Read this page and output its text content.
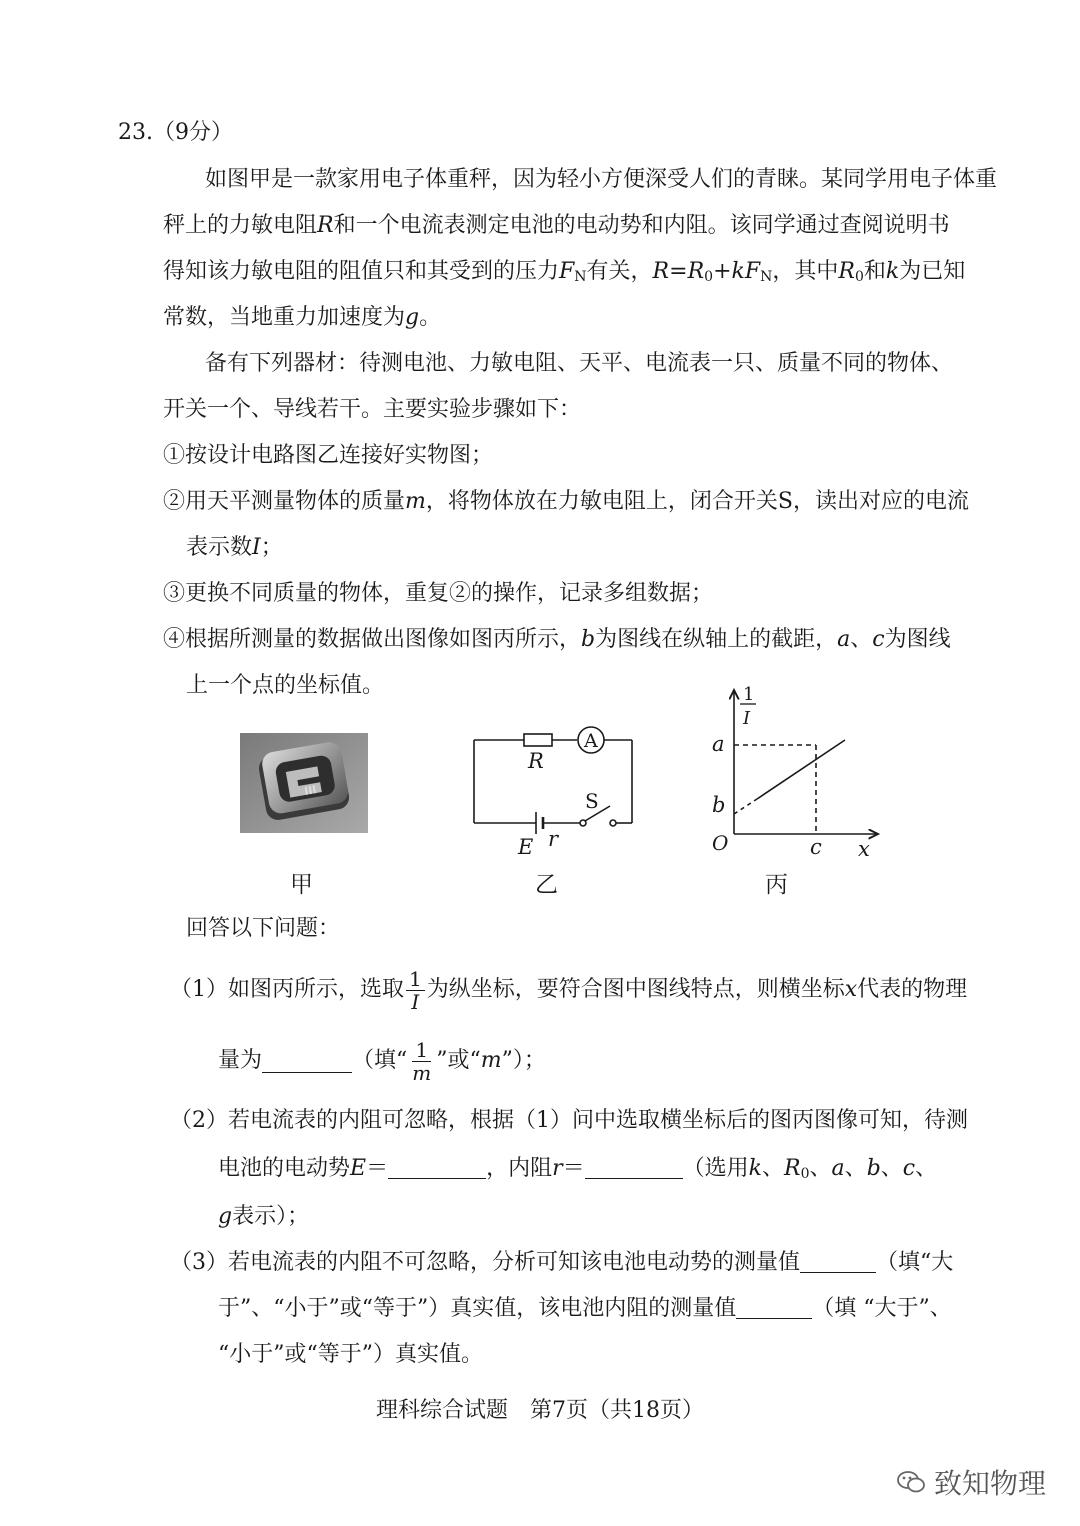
23.（9分）
如图甲是一款家用电子体重秤，因为轻小方便深受人们的青睐。某同学用电子体重
秤上的力敏电阻R和一个电流表测定电池的电动势和内阻。该同学通过查阅说明书
得知该力敏电阻的阻值只和其受到的压力$F_N$有关，$R=R_0+kF_N$，其中$R_0$和k为已知
常数，当地重力加速度为g。
备有下列器材：待测电池、力敏电阻、天平、电流表一只、质量不同的物体、
开关一个、导线若干。主要实验步骤如下：
①按设计电路图乙连接好实物图；
②用天平测量物体的质量m，将物体放在力敏电阻上，闭合开关S，读出对应的电流
表示数I；
③更换不同质量的物体，重复②的操作，记录多组数据；
④根据所测量的数据做出图像如图丙所示，b为图线在纵轴上的截距，a、c为图线
上一个点的坐标值。
R
A
S
E r
1
I
a
b
O	c x
甲	乙	丙
回答以下问题：
（1）如图丙所示，选取 $\frac{1}{I}$ 为纵坐标，要符合图中图线特点，则横坐标 x 代表的物理
量为	（填“ $\frac{1}{m}$ ”或“ m ”）；
（2）若电流表的内阻可忽略，根据（1）问中选取横坐标后的图丙图像可知，待测
电池的电动势E＝	，内阻r＝	（选用k、$R_0$、a、b、c、
g表示）；
（3）若电流表的内阻不可忽略，分析可知该电池电动势的测量值	（填“大
于”、“小于”或“等于”）真实值，该电池内阻的测量值	（填 “大于”、
“小于”或“等于”）真实值。
理科综合试题　第7页（共18页）
致知物理
